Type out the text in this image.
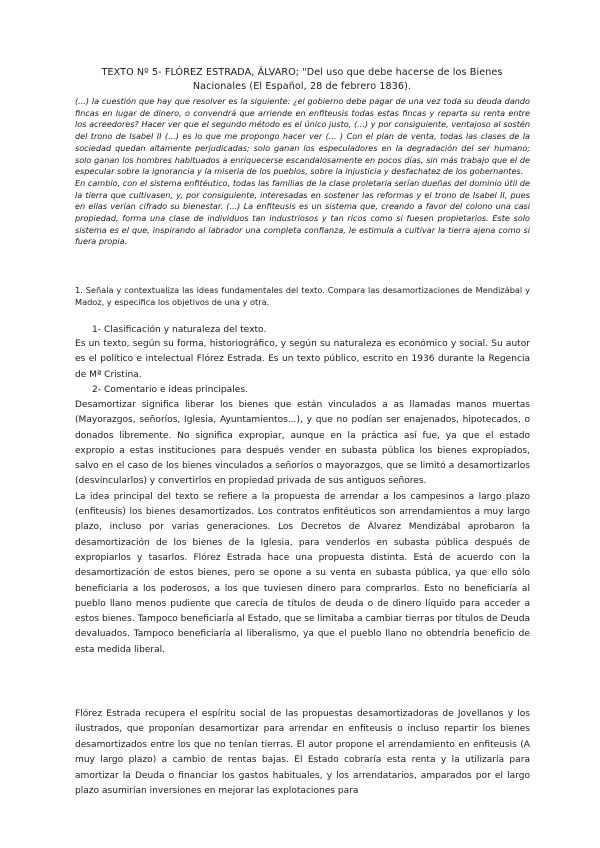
TEXTO Nº 5- FLÓREZ ESTRADA, ÁLVARO; "Del uso que debe hacerse de los Bienes Nacionales (El Español, 28 de febrero 1836).

(...) la cuestión que hay que resolver es la siguiente: ¿el gobierno debe pagar de una vez toda su deuda dando fincas en lugar de dinero, o convendrá que arriende en enfiteusis todas estas fincas y reparta su renta entre los acreedores? Hacer ver que el segundo método es el único justo, (...) y por consiguiente, ventajoso al sostén del trono de Isabel II (...) es lo que me propongo hacer ver (... ) Con el plan de venta, todas las clases de la sociedad quedan altamente perjudicadas; solo ganan los especuladores en la degradación del ser humano; solo ganan los hombres habituados a enriquecerse escandalosamente en pocos días, sin más trabajo que el de especular sobre la ignorancia y la miseria de los pueblos, sobre la injusticia y desfachatez de los gobernantes.

En cambio, con el sistema enfitéutico, todas las familias de la clase proletaria serían dueñas del dominio útil de la tierra que cultivasen, y, por consiguiente, interesadas en sostener las reformas y el trono de Isabel II, pues en ellas verían cifrado su bienestar. (...) La enfiteusis es un sistema que, creando a favor del colono una casi propiedad, forma una clase de individuos tan industriosos y tan ricos como si fuesen propietarios. Este solo sistema es el que, inspirando al labrador una completa confianza, le estimula a cultivar la tierra ajena como si fuera propia.

1. Señala y contextualiza las ideas fundamentales del texto. Compara las desamortizaciones de Mendizábal y Madoz, y especifica los objetivos de una y otra.
1- Clasificación y naturaleza del texto.

Es un texto, según su forma, historiográfico, y según su naturaleza es económico y social. Su autor es el político e intelectual Flórez Estrada. Es un texto público, escrito en 1936 durante la Regencia de Mª Cristina.

2- Comentario e ideas principales.

Desamortizar significa liberar los bienes que están vinculados a as llamadas manos muertas (Mayorazgos, señoríos, Iglesia, Ayuntamientos...), y que no podían ser enajenados, hipotecados, o donados libremente. No significa expropiar, aunque en la práctica así fue, ya que el estado expropio a estas instituciones para después vender en subasta pública los bienes expropiados, salvo en el caso de los bienes vinculados a señoríos o mayorazgos, que se limitó a desamortizarlos (desvincularlos) y convertirlos en propiedad privada de sus antiguos señores.

La idea principal del texto se refiere a la propuesta de arrendar a los campesinos a largo plazo (enfiteusis) los bienes desamortizados. Los contratos enfitéuticos son arrendamientos a muy largo plazo, incluso por varias generaciones. Los Decretos de Álvarez Mendizábal aprobaron la desamortización de los bienes de la Iglesia, para venderlos en subasta pública después de expropiarlos y tasarlos. Flórez Estrada hace una propuesta distinta. Está de acuerdo con la desamortización de estos bienes, pero se opone a su venta en subasta pública, ya que ello sólo beneficiaría a los poderosos, a los que tuviesen dinero para comprarlos. Esto no beneficiaría al pueblo llano menos pudiente que carecía de títulos de deuda o de dinero líquido para acceder a estos bienes. Tampoco beneficiaría al Estado, que se limitaba a cambiar tierras por títulos de Deuda devaluados. Tampoco beneficiaría al liberalismo, ya que el pueblo llano no obtendría beneficio de esta medida liberal.

Flórez Estrada recupera el espíritu social de las propuestas desamortizadoras de Jovellanos y los ilustrados, que proponían desamortizar para arrendar en enfiteusis o incluso repartir los bienes desamortizados entre los que no tenían tierras. El autor propone el arrendamiento en enfiteusis (A muy largo plazo) a cambio de rentas bajas. El Estado cobraría esta renta y la utilizaría para amortizar la Deuda o financiar los gastos habituales, y los arrendatarios, amparados por el largo plazo asumirían inversiones en mejorar las explotaciones para
